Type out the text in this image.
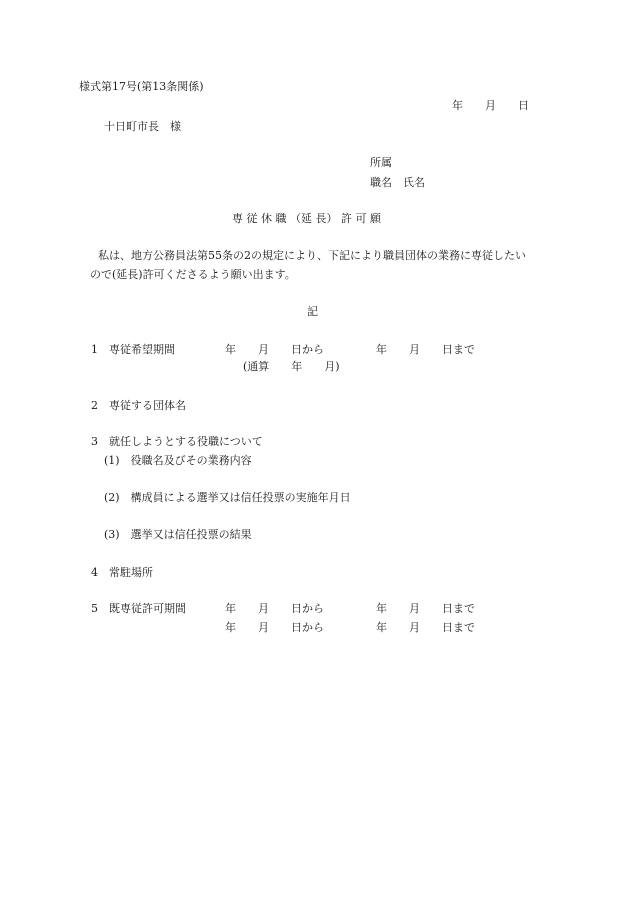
様式第17号(第13条関係)
年　　月　　日
十日町市長　様
所属
職名　氏名
専 従 休 職 （延 長） 許 可 願
私は、地方公務員法第55条の2の規定により、下記により職員団体の業務に専従したい
ので(延長)許可くださるよう願い出ます。
記
1　専従希望期間	年　　月　　日から	年　　月　　日まで
(通算　　年　　月)
2　専従する団体名
3　就任しようとする役職について
(1)　役職名及びその業務内容
(2)　構成員による選挙又は信任投票の実施年月日
(3)　選挙又は信任投票の結果
4　常駐場所
5　既専従許可期間	年　　月　　日から	年　　月　　日まで
年　　月　　日から	年　　月　　日まで
